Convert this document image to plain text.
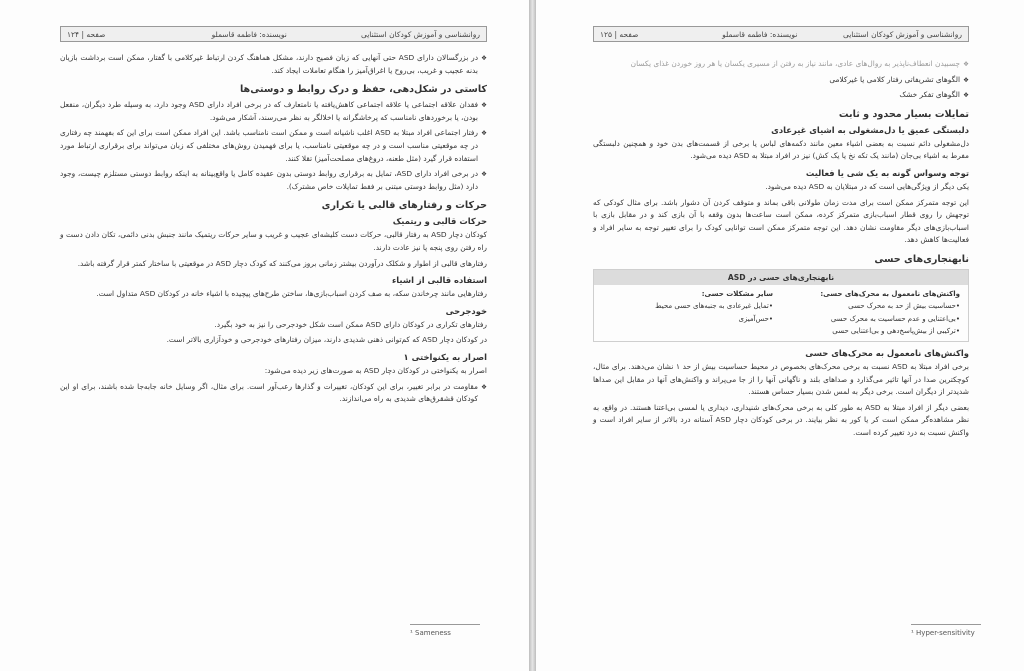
روانشناسی و آموزش کودکان استثنایی
نویسنده: فاطمه قاسملو
صفحه | ۱۲۴

❖ در بزرگسالان دارای ASD حتی آنهایی که زبان فصیح دارند، مشکل هماهنگ کردن ارتباط غیرکلامی با گفتار، ممکن است برداشت بازیان بدنه عجیب و غریب، بی‌روح یا اغراق‌آمیز را هنگام تعاملات ایجاد کند.

کاستی در شکل‌دهی، حفظ و درک روابط و دوستی‌ها

❖ فقدان علاقه اجتماعی یا علاقه اجتماعی کاهش‌یافته یا نامتعارف که در برخی افراد دارای ASD وجود دارد، به وسیله طرد دیگران، منفعل بودن، یا برخوردهای نامناسب که پرخاشگرانه یا اخلالگر به نظر می‌رسند، آشکار می‌شود.

❖ رفتار اجتماعی افراد مبتلا به ASD اغلب ناشیانه است و ممکن است نامناسب باشد. این افراد ممکن است برای این که بفهمند چه رفتاری در چه موقعیتی مناسب است و در چه موقعیتی نامناسب، یا برای فهمیدن روش‌های مختلفی که زبان می‌تواند برای برقراری ارتباط مورد استفاده قرار گیرد (مثل طعنه، دروغ‌های مصلحت‌آمیز) تقلا کنند.

❖ در برخی افراد دارای ASD، تمایل به برقراری روابط دوستی بدون عقیده کامل یا واقع‌بینانه به اینکه روابط دوستی مستلزم چیست، وجود دارد (مثل روابط دوستی مبتنی بر فقط تمایلات خاص مشترک).

حرکات و رفتارهای قالبی یا تکراری
حرکات قالبی و ریتمیک

کودکان دچار ASD به رفتار قالبی، حرکات دست کلیشه‌ای عجیب و غریب و سایر حرکات ریتمیک مانند جنبش بدنی دائمی، تکان دادن دست و راه رفتن روی پنجه پا نیز عادت دارند.

رفتارهای قالبی از اطوار و شکلک درآوردن بیشتر زمانی بروز می‌کنند که کودک دچار ASD در موقعیتی با ساختار کمتر قرار گرفته باشد.

استفاده قالبی از اشیاء

رفتارهایی مانند چرخاندن سکه، به صف کردن اسباب‌بازی‌ها، ساختن طرح‌های پیچیده با اشیاء خانه در کودکان ASD متداول است.

خودجرحی

رفتارهای تکراری در کودکان دارای ASD ممکن است شکل خودجرحی را نیز به خود بگیرد.

در کودکان دچار ASD که کم‌توانی ذهنی شدیدی دارند، میزان رفتارهای خودجرحی و خودآزاری بالاتر است.

اصرار به یکنواختی ۱

اصرار به یکنواختی در کودکان دچار ASD به صورت‌های زیر دیده می‌شود:

❖ مقاومت در برابر تغییر، برای این کودکان، تغییرات و گذارها رعب‌آور است. برای مثال، اگر وسایل خانه جابه‌جا شده باشند، برای او این کودکان قشقرق‌های شدیدی به راه می‌اندازند.

¹ Sameness
روانشناسی و آموزش کودکان استثنایی
نویسنده: فاطمه قاسملو
صفحه | ۱۲۵

❖ چسبیدن انعطاف‌ناپذیر به روال‌های عادی، مانند نیاز به رفتن از مسیری یکسان یا هر روز خوردن غذای یکسان

❖ الگوهای تشریفاتی رفتار کلامی یا غیرکلامی

❖ الگوهای تفکر خشک

تمایلات بسیار محدود و ثابت
دلبستگی عمیق یا دل‌مشغولی به اشیای غیرعادی

دل‌مشغولی دائم نسبت به بعضی اشیاء معین مانند دکمه‌های لباس یا برخی از قسمت‌های بدن خود و همچنین دلبستگی مفرط به اشیاء بی‌جان (مانند یک تکه نخ یا یک کش) نیز در افراد مبتلا به ASD دیده می‌شود.

توجه وسواس گونه به یک شی یا فعالیت

یکی دیگر از ویژگی‌هایی است که در مبتلایان به ASD دیده می‌شود.

این توجه متمرکز ممکن است برای مدت زمان طولانی باقی بماند و متوقف کردن آن دشوار باشد. برای مثال کودکی که توجهش را روی قطار اسباب‌بازی متمرکز کرده، ممکن است ساعت‌ها بدون وقفه با آن بازی کند و در مقابل بازی با اسباب‌بازی‌های دیگر مقاومت نشان دهد. این توجه متمرکز ممکن است توانایی کودک را برای تغییر توجه به سایر افراد و فعالیت‌ها کاهش دهد.

نابهنجاری‌های حسی
نابهنجاری‌های حسی در ASD
واکنش‌های نامعمول به محرک‌های حسی:
•حساسیت بیش از حد به محرک حسی
•بی‌اعتنایی و عدم حساسیت به محرک حسی
•ترکیبی از بیش‌پاسخ‌دهی و بی‌اعتنایی حسی
سایر مشکلات حسی:
•تمایل غیرعادی به جنبه‌های حسی محیط
•حس‌آمیزی
واکنش‌های نامعمول به محرک‌های حسی

برخی افراد مبتلا به ASD نسبت به برخی محرک‌های بخصوص در محیط حساسیت بیش از حد ۱ نشان می‌دهند. برای مثال، کوچکترین صدا در آنها تاثیر می‌گذارد و صداهای بلند و ناگهانی آنها را از جا می‌پراند و واکنش‌های آنها در مقابل این صداها شدیدتر از دیگران است. برخی دیگر به لمس شدن بسیار حساس هستند.

بعضی دیگر از افراد مبتلا به ASD به طور کلی به برخی محرک‌های شنیداری، دیداری یا لمسی بی‌اعتنا هستند. در واقع، به نظر مشاهده‌گر ممکن است کر یا کور به نظر بیایند. در برخی کودکان دچار ASD آستانه درد بالاتر از سایر افراد است و واکنش نسبت به درد تغییر کرده است.

¹ Hyper-sensitivity
